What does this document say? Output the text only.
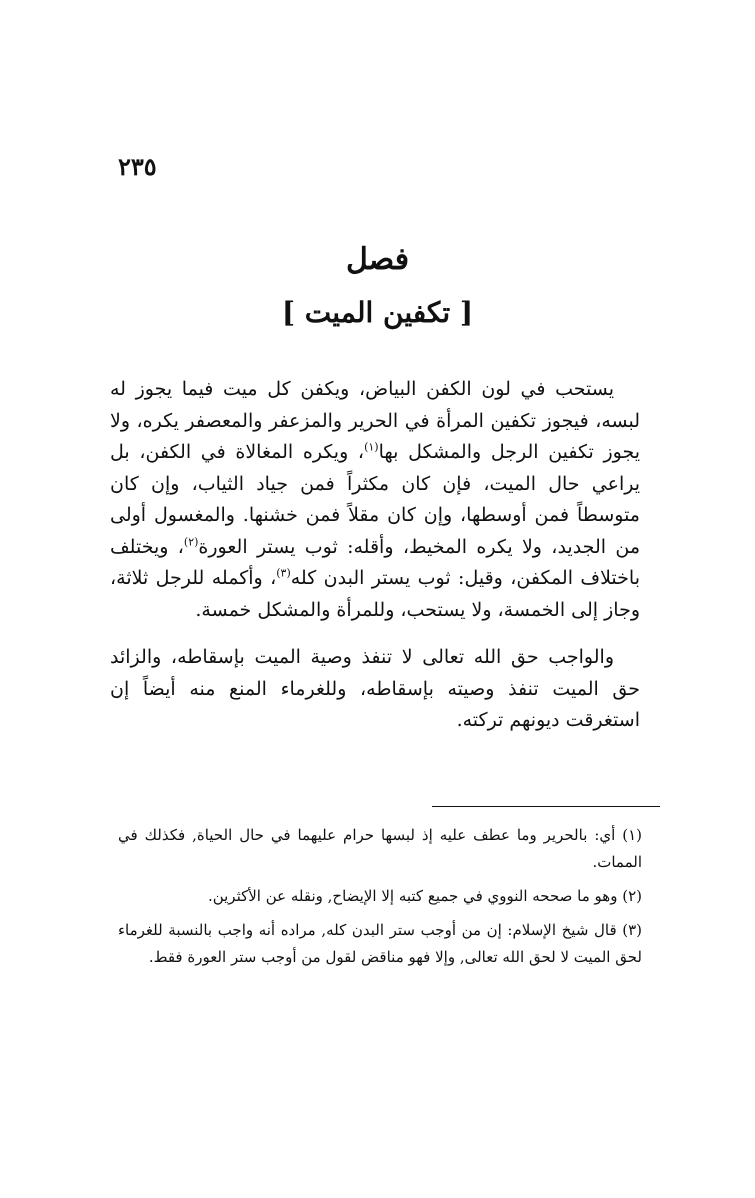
٢٣٥
فصل
[ تكفين الميت ]

يستحب في لون الكفن البياض، ويكفن كل ميت فيما يجوز له لبسه، فيجوز تكفين المرأة في الحرير والمزعفر والمعصفر يكره، ولا يجوز تكفين الرجل والمشكل بها$^{(١)}$، ويكره المغالاة في الكفن، بل يراعي حال الميت، فإن كان مكثراً فمن جياد الثياب، وإن كان متوسطاً فمن أوسطها، وإن كان مقلاً فمن خشنها. والمغسول أولى من الجديد، ولا يكره المخيط، وأقله: ثوب يستر العورة$^{(٢)}$، ويختلف باختلاف المكفن، وقيل: ثوب يستر البدن كله$^{(٣)}$، وأكمله للرجل ثلاثة، وجاز إلى الخمسة، ولا يستحب، وللمرأة والمشكل خمسة.

والواجب حق الله تعالى لا تنفذ وصية الميت بإسقاطه، والزائد حق الميت تنفذ وصيته بإسقاطه، وللغرماء المنع منه أيضاً إن استغرقت ديونهم تركته.

(١) أي: بالحرير وما عطف عليه إذ لبسها حرام عليهما في حال الحياة, فكذلك في الممات.
(٢) وهو ما صححه النووي في جميع كتبه إلا الإيضاح, ونقله عن الأكثرين.
(٣) قال شيخ الإسلام: إن من أوجب ستر البدن كله, مراده أنه واجب بالنسبة للغرماء لحق الميت لا لحق الله تعالى, وإلا فهو مناقض لقول من أوجب ستر العورة فقط.
